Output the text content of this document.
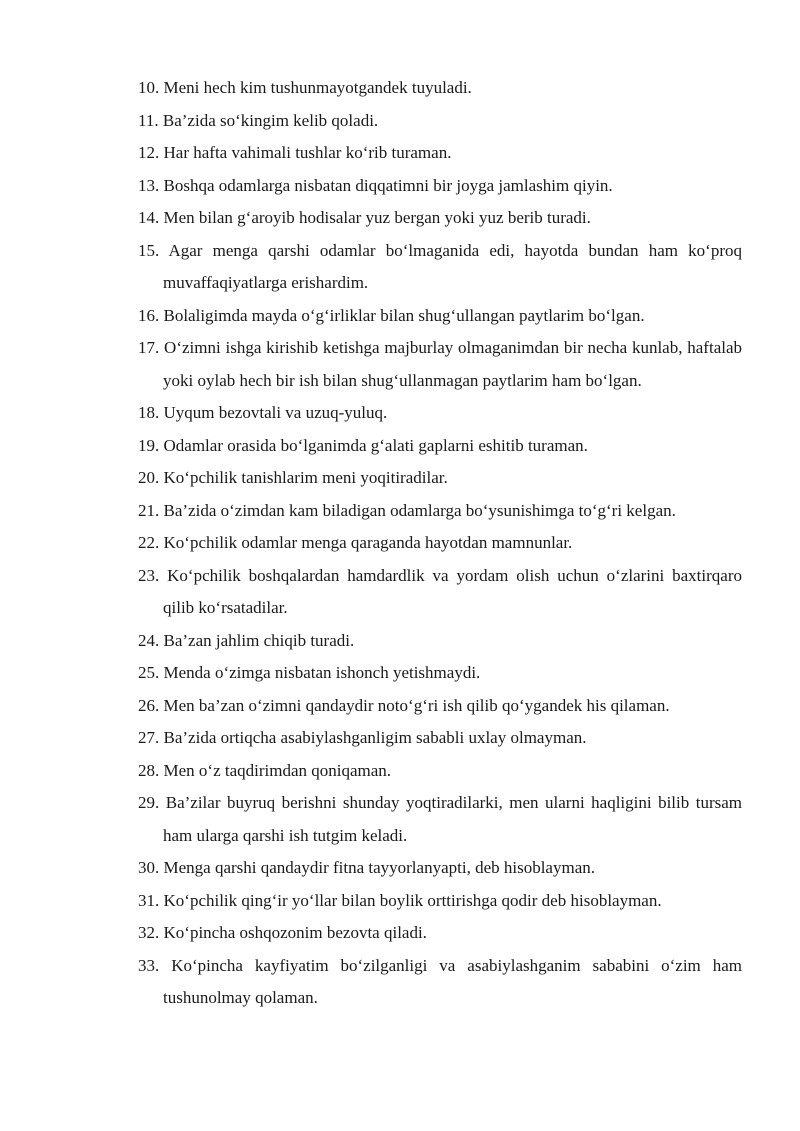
10. Meni hech kim tushunmayotgandek tuyuladi.
11. Ba’zida so‘kingim kelib qoladi.
12. Har hafta vahimali tushlar ko‘rib turaman.
13. Boshqa odamlarga nisbatan diqqatimni bir joyga jamlashim qiyin.
14. Men bilan g‘aroyib hodisalar yuz bergan yoki yuz berib turadi.
15. Agar menga qarshi odamlar bo‘lmaganida edi, hayotda bundan ham ko‘proq muvaffaqiyatlarga erishardim.
16. Bolaligimda mayda o‘g‘irliklar bilan shug‘ullangan paytlarim bo‘lgan.
17. O‘zimni ishga kirishib ketishga majburlay olmaganimdan bir necha kunlab, haftalab yoki oylab hech bir ish bilan shug‘ullanmagan paytlarim ham bo‘lgan.
18. Uyqum bezovtali va uzuq-yuluq.
19. Odamlar orasida bo‘lganimda g‘alati gaplarni eshitib turaman.
20. Ko‘pchilik tanishlarim meni yoqitiradilar.
21. Ba’zida o‘zimdan kam biladigan odamlarga bo‘ysunishimga to‘g‘ri kelgan.
22. Ko‘pchilik odamlar menga qaraganda hayotdan mamnunlar.
23. Ko‘pchilik boshqalardan hamdardlik va yordam olish uchun o‘zlarini baxtirqaro qilib ko‘rsatadilar.
24. Ba’zan jahlim chiqib turadi.
25. Menda o‘zimga nisbatan ishonch yetishmaydi.
26. Men ba’zan o‘zimni qandaydir noto‘g‘ri ish qilib qo‘ygandek his qilaman.
27. Ba’zida ortiqcha asabiylashganligim sababli uxlay olmayman.
28. Men o‘z taqdirimdan qoniqaman.
29. Ba’zilar buyruq berishni shunday yoqtiradilarki, men ularni haqligini bilib tursam ham ularga qarshi ish tutgim keladi.
30. Menga qarshi qandaydir fitna tayyorlanyapti, deb hisoblayman.
31. Ko‘pchilik qing‘ir yo‘llar bilan boylik orttirishga qodir deb hisoblayman.
32. Ko‘pincha oshqozonim bezovta qiladi.
33. Ko‘pincha kayfiyatim bo‘zilganligi va asabiylashganim sababini o‘zim ham tushunolmay qolaman.
